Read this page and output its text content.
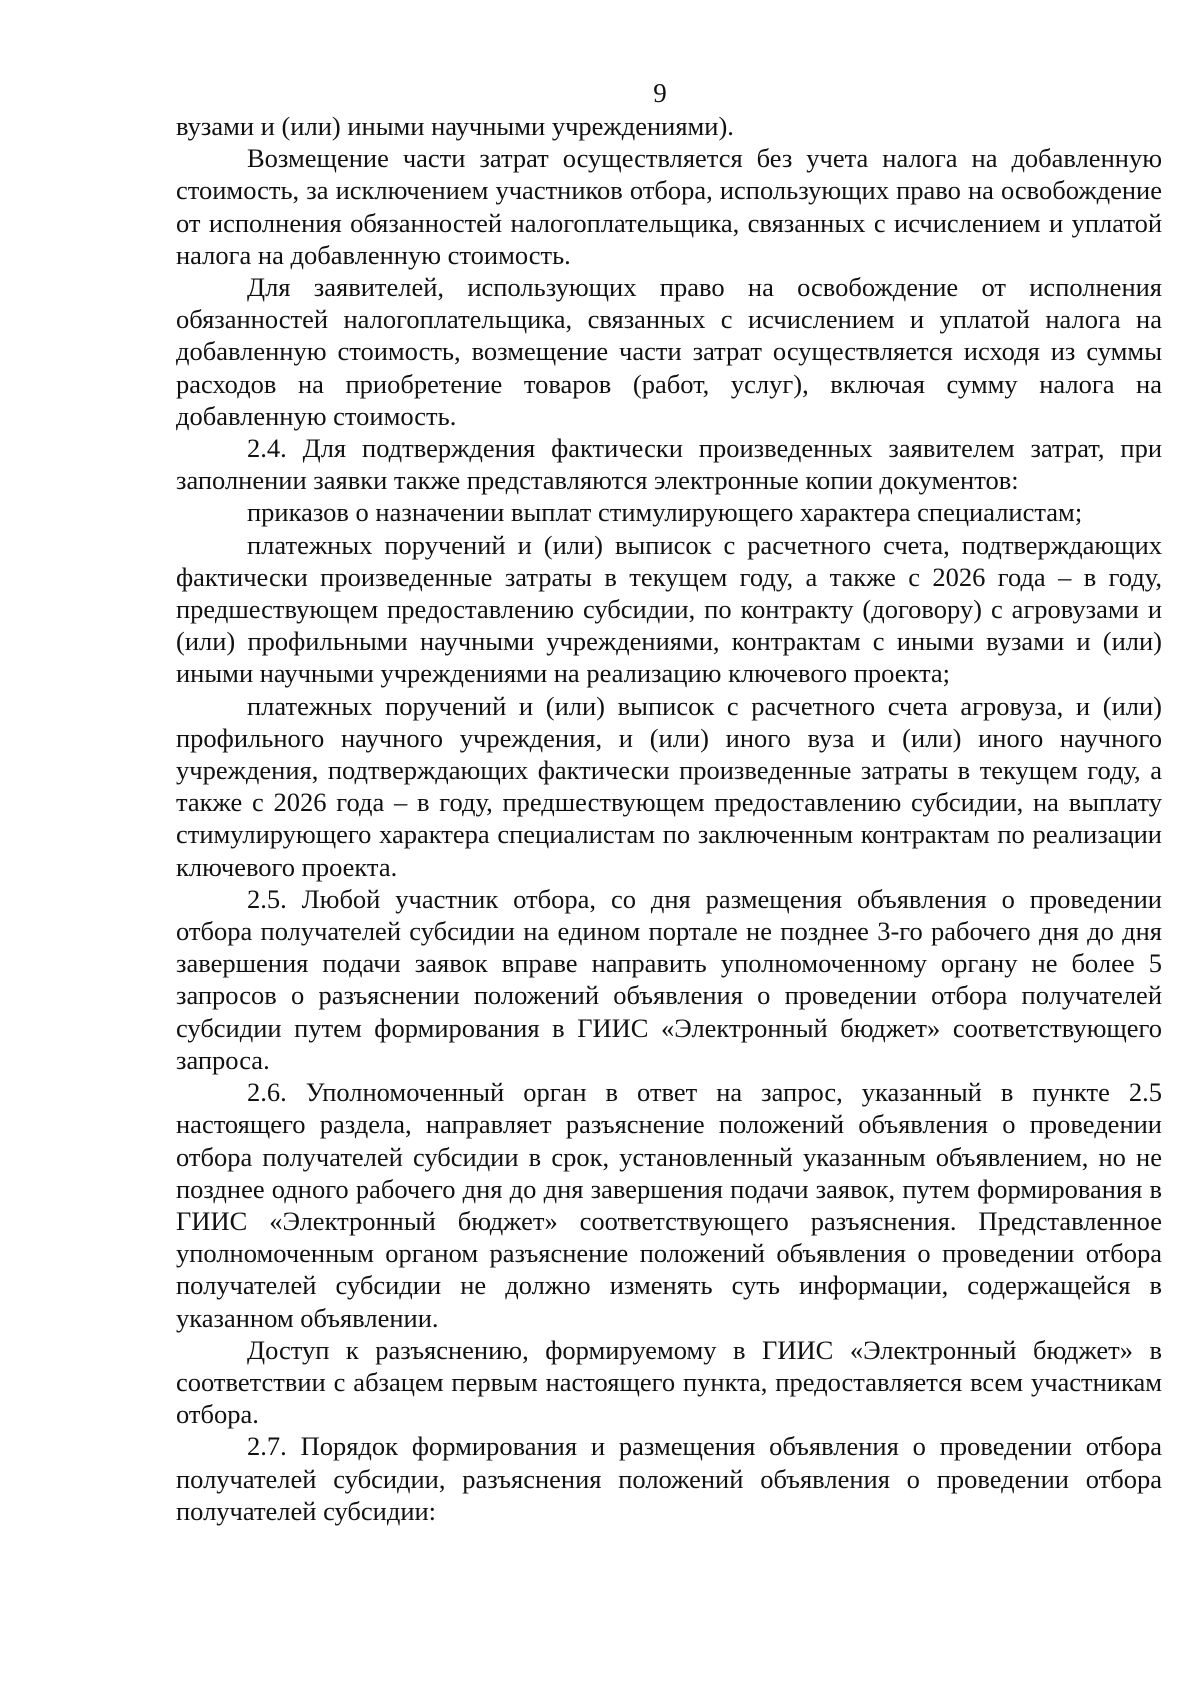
9

вузами и (или) иными научными учреждениями).

Возмещение части затрат осуществляется без учета налога на добавленную стоимость, за исключением участников отбора, использующих право на освобождение от исполнения обязанностей налогоплательщика, связанных с исчислением и уплатой налога на добавленную стоимость.

Для заявителей, использующих право на освобождение от исполнения обязанностей налогоплательщика, связанных с исчислением и уплатой налога на добавленную стоимость, возмещение части затрат осуществляется исходя из суммы расходов на приобретение товаров (работ, услуг), включая сумму налога на добавленную стоимость.

2.4. Для подтверждения фактически произведенных заявителем затрат, при заполнении заявки также представляются электронные копии документов:

приказов о назначении выплат стимулирующего характера специалистам;

платежных поручений и (или) выписок с расчетного счета, подтверждающих фактически произведенные затраты в текущем году, а также с 2026 года – в году, предшествующем предоставлению субсидии, по контракту (договору) с агровузами и (или) профильными научными учреждениями, контрактам с иными вузами и (или) иными научными учреждениями на реализацию ключевого проекта;

платежных поручений и (или) выписок с расчетного счета агровуза, и (или) профильного научного учреждения, и (или) иного вуза и (или) иного научного учреждения, подтверждающих фактически произведенные затраты в текущем году, а также с 2026 года – в году, предшествующем предоставлению субсидии, на выплату стимулирующего характера специалистам по заключенным контрактам по реализации ключевого проекта.

2.5. Любой участник отбора, со дня размещения объявления о проведении отбора получателей субсидии на едином портале не позднее 3-го рабочего дня до дня завершения подачи заявок вправе направить уполномоченному органу не более 5 запросов о разъяснении положений объявления о проведении отбора получателей субсидии путем формирования в ГИИС «Электронный бюджет» соответствующего запроса.

2.6. Уполномоченный орган в ответ на запрос, указанный в пункте 2.5 настоящего раздела, направляет разъяснение положений объявления о проведении отбора получателей субсидии в срок, установленный указанным объявлением, но не позднее одного рабочего дня до дня завершения подачи заявок, путем формирования в ГИИС «Электронный бюджет» соответствующего разъяснения. Представленное уполномоченным органом разъяснение положений объявления о проведении отбора получателей субсидии не должно изменять суть информации, содержащейся в указанном объявлении.

Доступ к разъяснению, формируемому в ГИИС «Электронный бюджет» в соответствии с абзацем первым настоящего пункта, предоставляется всем участникам отбора.

2.7. Порядок формирования и размещения объявления о проведении отбора получателей субсидии, разъяснения положений объявления о проведении отбора получателей субсидии:
